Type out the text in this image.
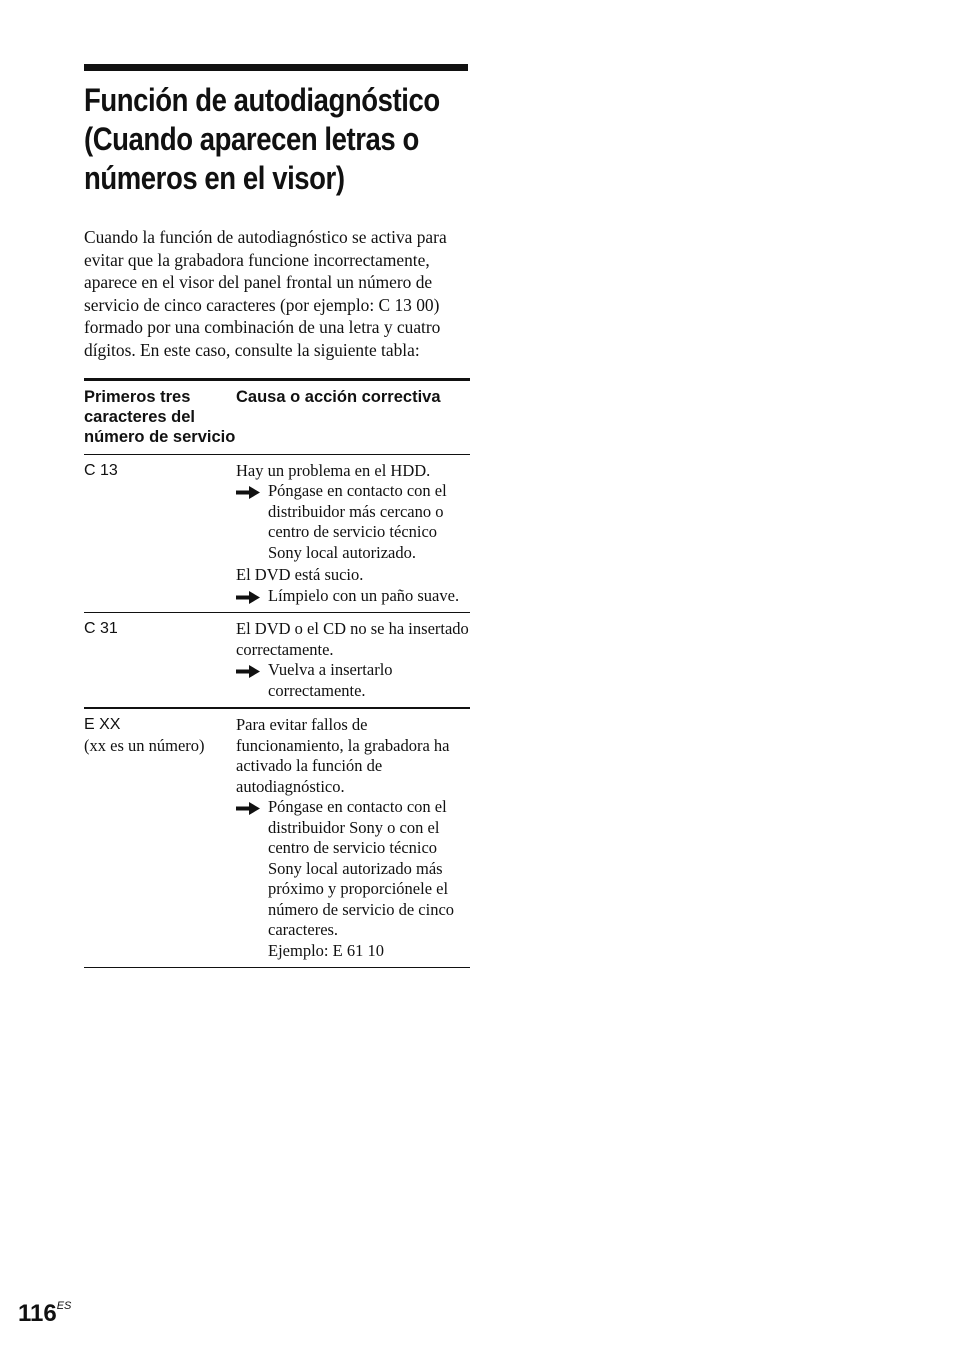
Función de autodiagnóstico (Cuando aparecen letras o números en el visor)

Cuando la función de autodiagnóstico se activa para evitar que la grabadora funcione incorrectamente, aparece en el visor del panel frontal un número de servicio de cinco caracteres (por ejemplo: C 13 00) formado por una combinación de una letra y cuatro dígitos. En este caso, consulte la siguiente tabla:

Primeros tres caracteres del número de servicio	Causa o acción correctiva

C 13	Hay un problema en el HDD.
Póngase en contacto con el distribuidor más cercano o centro de servicio técnico Sony local autorizado.
El DVD está sucio.
Límpielo con un paño suave.

C 31	El DVD o el CD no se ha insertado correctamente.
Vuelva a insertarlo correctamente.

E XX
(xx es un número)	Para evitar fallos de funcionamiento, la grabadora ha activado la función de autodiagnóstico.
Póngase en contacto con el distribuidor Sony o con el centro de servicio técnico Sony local autorizado más próximo y proporciónele el número de servicio de cinco caracteres.
Ejemplo: E 61 10
$116^{ES}$
